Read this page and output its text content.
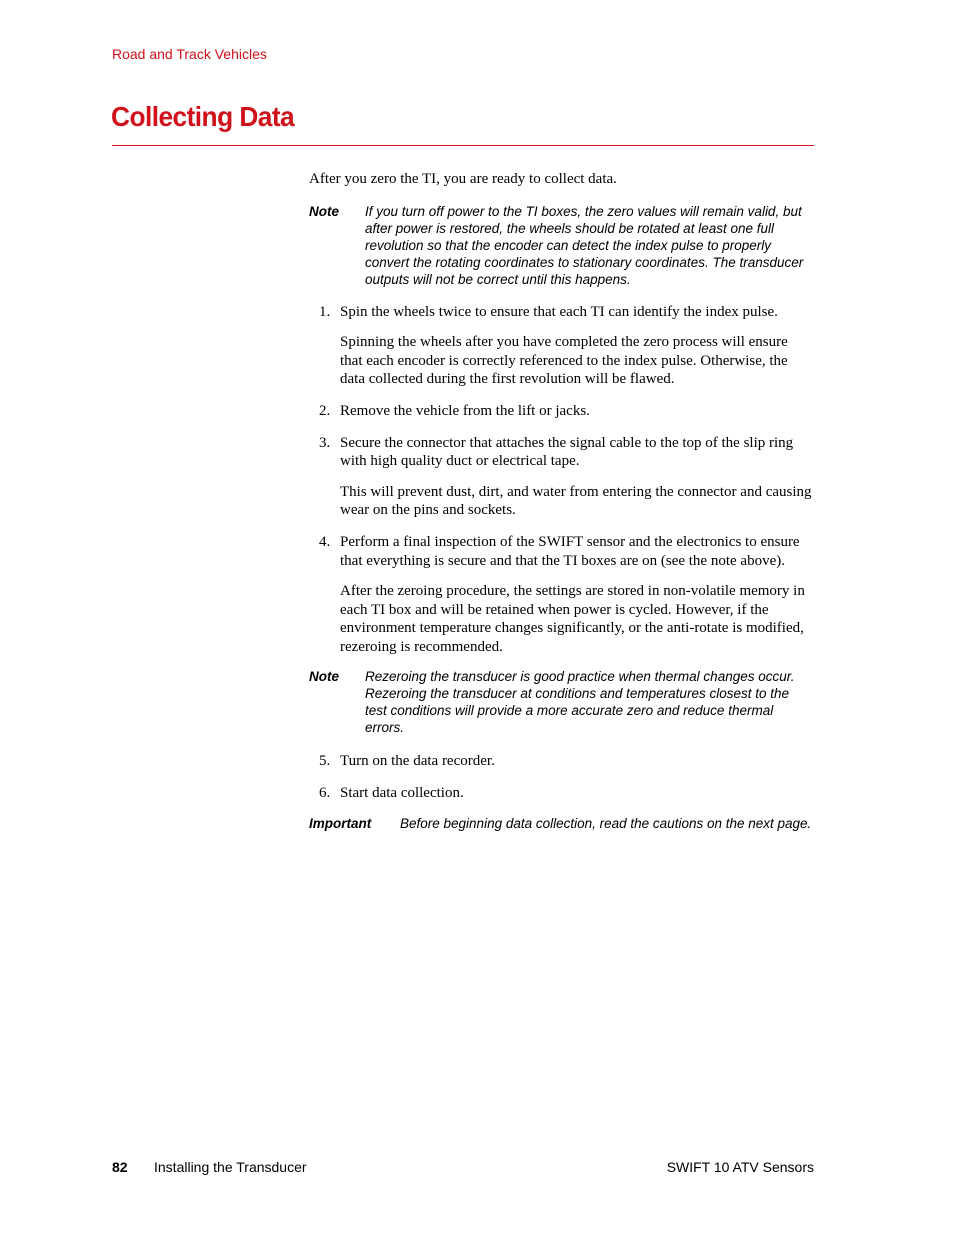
Road and Track Vehicles
Collecting Data

After you zero the TI, you are ready to collect data.

Note	If you turn off power to the TI boxes, the zero values will remain valid, but after power is restored, the wheels should be rotated at least one full revolution so that the encoder can detect the index pulse to properly convert the rotating coordinates to stationary coordinates. The transducer outputs will not be correct until this happens.
1. Spin the wheels twice to ensure that each TI can identify the index pulse.

Spinning the wheels after you have completed the zero process will ensure that each encoder is correctly referenced to the index pulse. Otherwise, the data collected during the first revolution will be flawed.

2. Remove the vehicle from the lift or jacks.

3. Secure the connector that attaches the signal cable to the top of the slip ring with high quality duct or electrical tape.

This will prevent dust, dirt, and water from entering the connector and causing wear on the pins and sockets.

4. Perform a final inspection of the SWIFT sensor and the electronics to ensure that everything is secure and that the TI boxes are on (see the note above).

After the zeroing procedure, the settings are stored in non-volatile memory in each TI box and will be retained when power is cycled. However, if the environment temperature changes significantly, or the anti-rotate is modified, rezeroing is recommended.

Note	Rezeroing the transducer is good practice when thermal changes occur. Rezeroing the transducer at conditions and temperatures closest to the test conditions will provide a more accurate zero and reduce thermal errors.
5. Turn on the data recorder.

6. Start data collection.

Important	Before beginning data collection, read the cautions on the next page.
82 Installing the Transducer	SWIFT 10 ATV Sensors
